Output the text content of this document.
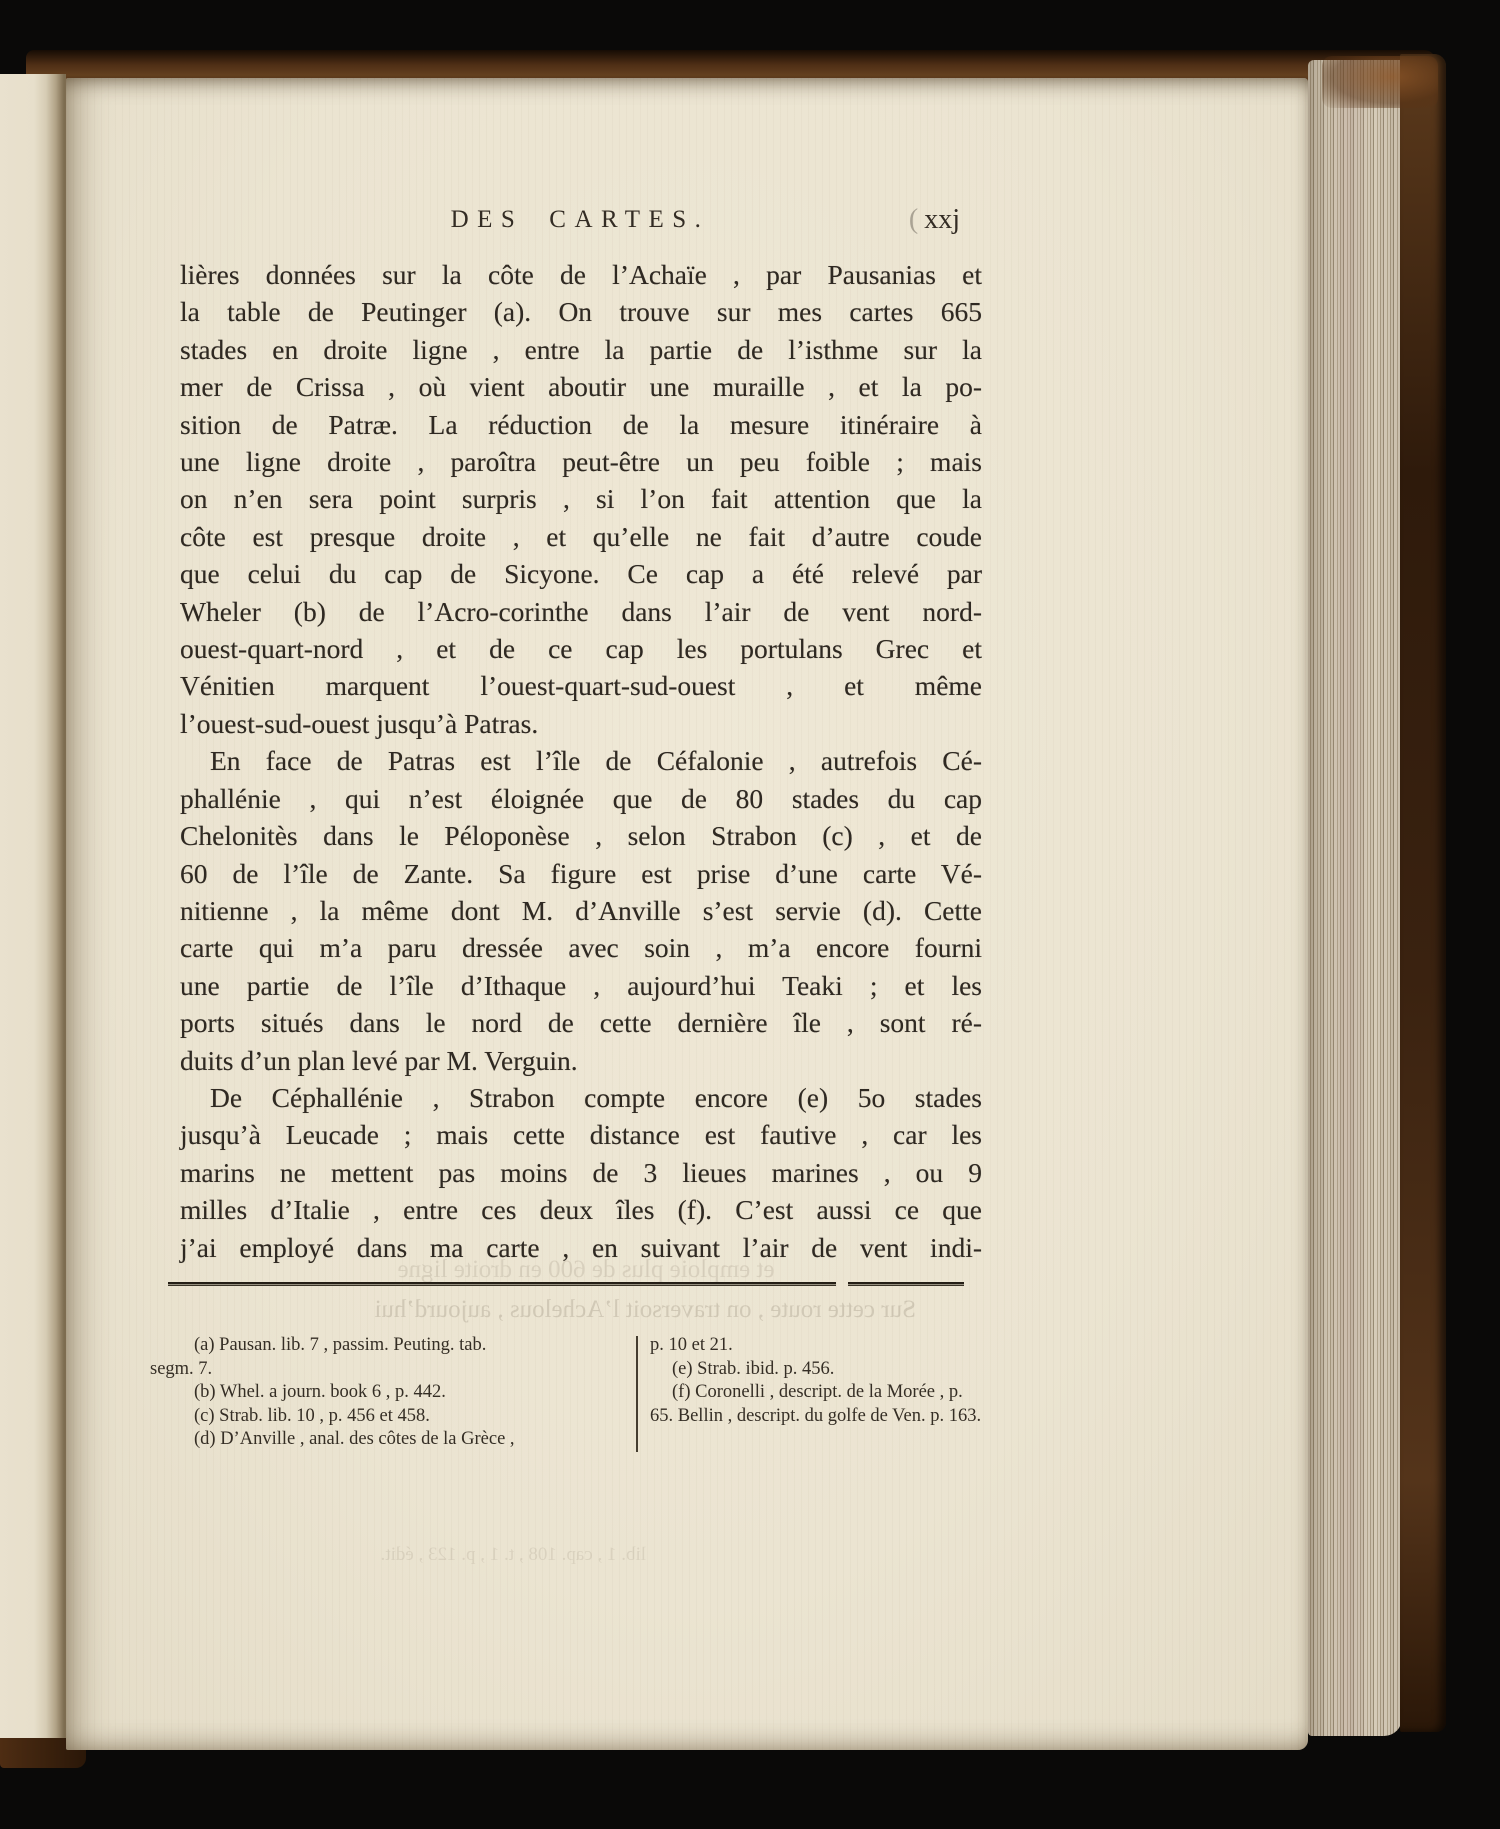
DES CARTES.	( xxj
lières données sur la côte de l’Achaïe , par Pausanias et
la table de Peutinger (a). On trouve sur mes cartes 665
stades en droite ligne , entre la partie de l’isthme sur la
mer de Crissa , où vient aboutir une muraille , et la po-
sition de Patræ. La réduction de la mesure itinéraire à
une ligne droite , paroîtra peut-être un peu foible ; mais
on n’en sera point surpris , si l’on fait attention que la
côte est presque droite , et qu’elle ne fait d’autre coude
que celui du cap de Sicyone. Ce cap a été relevé par
Wheler (b) de l’Acro-corinthe dans l’air de vent nord-
ouest-quart-nord , et de ce cap les portulans Grec et
Vénitien marquent l’ouest-quart-sud-ouest , et même
l’ouest-sud-ouest jusqu’à Patras.
En face de Patras est l’île de Céfalonie , autrefois Cé-
phallénie , qui n’est éloignée que de 80 stades du cap
Chelonitès dans le Péloponèse , selon Strabon (c) , et de
60 de l’île de Zante. Sa figure est prise d’une carte Vé-
nitienne , la même dont M. d’Anville s’est servie (d). Cette
carte qui m’a paru dressée avec soin , m’a encore fourni
une partie de l’île d’Ithaque , aujourd’hui Teaki ; et les
ports situés dans le nord de cette dernière île , sont ré-
duits d’un plan levé par M. Verguin.
De Céphallénie , Strabon compte encore (e) 5o stades
jusqu’à Leucade ; mais cette distance est fautive , car les
marins ne mettent pas moins de 3 lieues marines , ou 9
milles d’Italie , entre ces deux îles (f). C’est aussi ce que
j’ai employé dans ma carte , en suivant l’air de vent indi-
et emploie plus de 600 en droite ligne
Sur cette route , on traversoit l’Achelous , aujourd’hui
(a) Pausan. lib. 7 , passim. Peuting. tab.
segm. 7.
(b) Whel. a journ. book 6 , p. 442.
(c) Strab. lib. 10 , p. 456 et 458.
(d) D’Anville , anal. des côtes de la Grèce ,
p. 10 et 21.
(e) Strab. ibid. p. 456.
(f) Coronelli , descript. de la Morée , p.
65. Bellin , descript. du golfe de Ven. p. 163.
lib. 1 , cap. 108 , t. 1 , p. 123 , édit.
